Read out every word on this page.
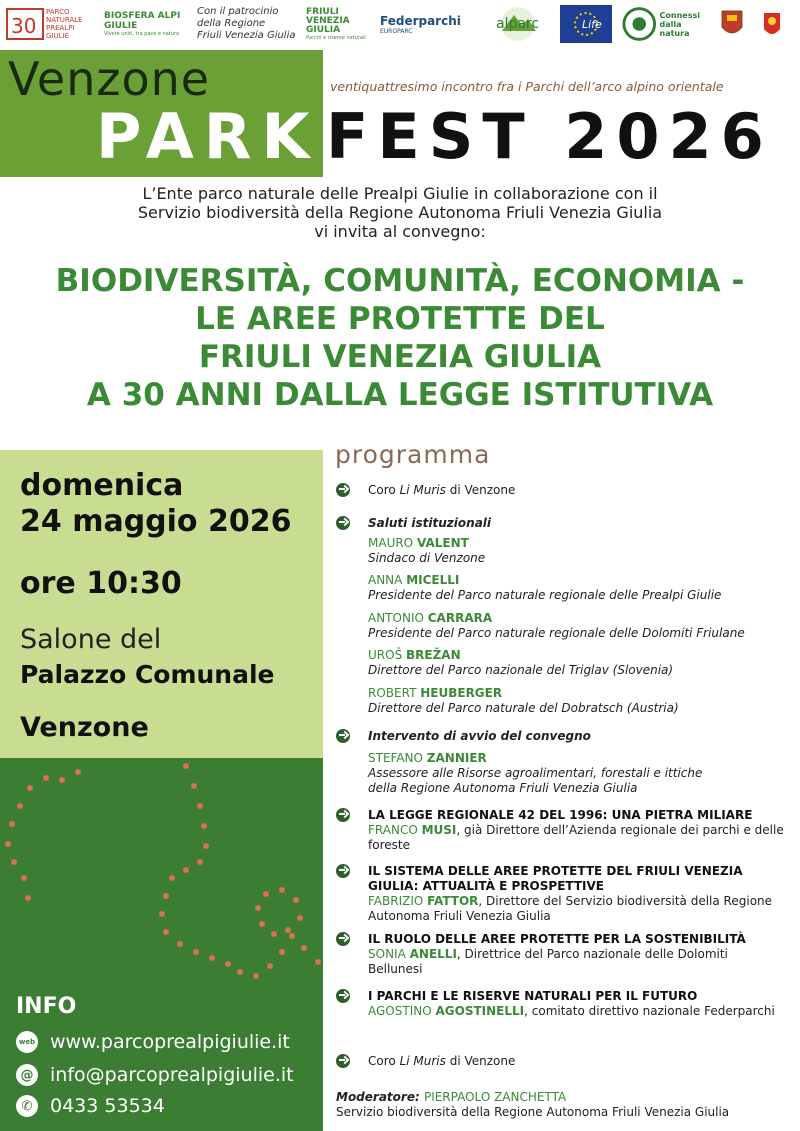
30
PARCO NATURALE PREALPI GIULIE
BIOSFERA ALPI GIULIE
Vivere uniti, tra pace e natura
Con il patrocinio
della Regione
Friuli Venezia Giulia
FRIULI
VENEZIA
GIULIA
Parchi e riserve naturali
Federparchi
EUROPARC	alparc	Life
Connessi
dalla natura
Venzone
PARK FEST 2026
ventiquattresimo incontro fra i Parchi dell’arco alpino orientale
L’Ente parco naturale delle Prealpi Giulie in collaborazione con il
Servizio biodiversità della Regione Autonoma Friuli Venezia Giulia
vi invita al convegno:
BIODIVERSITÀ, COMUNITÀ, ECONOMIA -
LE AREE PROTETTE DEL
FRIULI VENEZIA GIULIA
A 30 ANNI DALLA LEGGE ISTITUTIVA
domenica
24 maggio 2026
ore 10:30
Salone del
Palazzo Comunale
Venzone
INFO
web www.parcoprealpigiulie.it
@ info@parcoprealpigiulie.it
✆ 0433 53534
programma
Coro Li Muris di Venzone
Saluti istituzionali
MAURO VALENT
Sindaco di Venzone
ANNA MICELLI
Presidente del Parco naturale regionale delle Prealpi Giulie
ANTONIO CARRARA
Presidente del Parco naturale regionale delle Dolomiti Friulane
UROŠ BREŽAN
Direttore del Parco nazionale del Triglav (Slovenia)
ROBERT HEUBERGER
Direttore del Parco naturale del Dobratsch (Austria)
Intervento di avvio del convegno
STEFANO ZANNIER
Assessore alle Risorse agroalimentari, forestali e ittiche
della Regione Autonoma Friuli Venezia Giulia
LA LEGGE REGIONALE 42 DEL 1996: UNA PIETRA MILIARE
FRANCO MUSI, già Direttore dell’Azienda regionale dei parchi e delle foreste
IL SISTEMA DELLE AREE PROTETTE DEL FRIULI VENEZIA GIULIA: ATTUALITÀ E PROSPETTIVE
FABRIZIO FATTOR, Direttore del Servizio biodiversità della Regione Autonoma Friuli Venezia Giulia
IL RUOLO DELLE AREE PROTETTE PER LA SOSTENIBILITÀ
SONIA ANELLI, Direttrice del Parco nazionale delle Dolomiti Bellunesi
I PARCHI E LE RISERVE NATURALI PER IL FUTURO
AGOSTINO AGOSTINELLI, comitato direttivo nazionale Federparchi
Coro Li Muris di Venzone
Moderatore: PIERPAOLO ZANCHETTA
Servizio biodiversità della Regione Autonoma Friuli Venezia Giulia
